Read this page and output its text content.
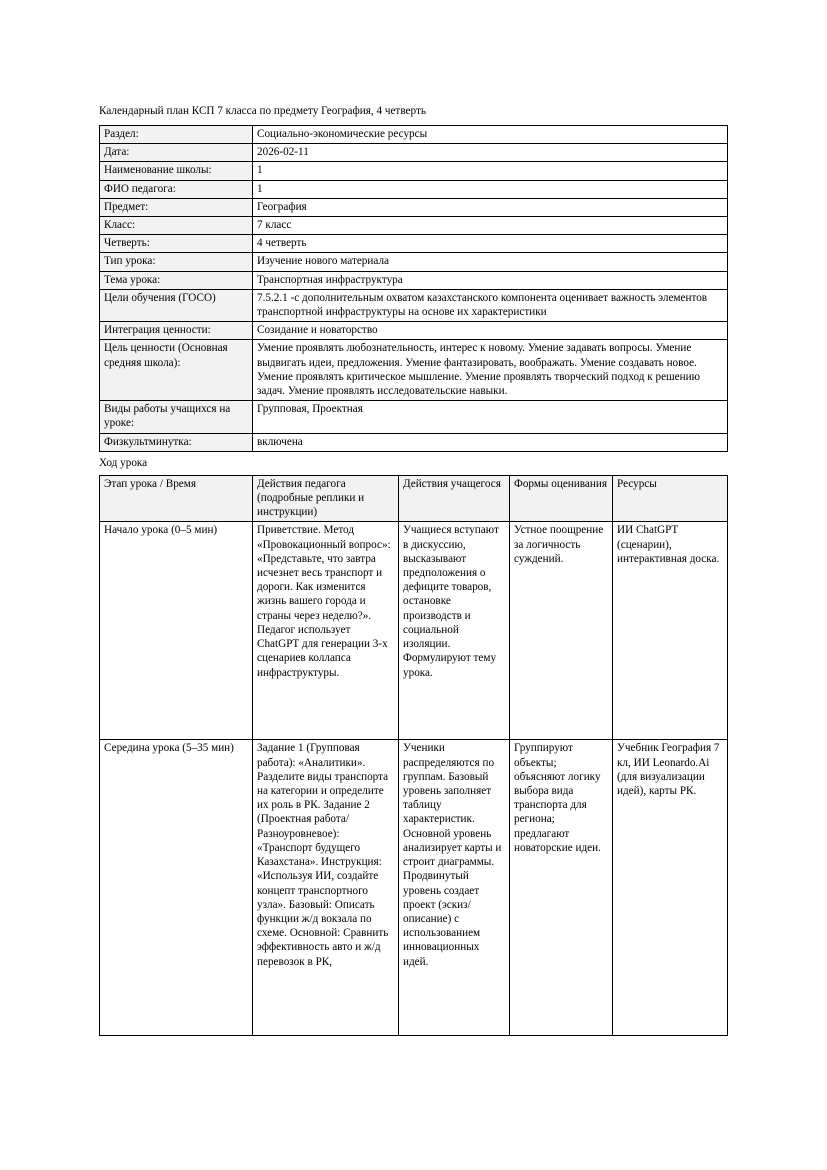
Календарный план КСП 7 класса по предмету География, 4 четверть

Раздел:	Социально-экономические ресурсы
Дата:	2026-02-11
Наименование школы:	1
ФИО педагога:	1
Предмет:	География
Класс:	7 класс
Четверть:	4 четверть
Тип урока:	Изучение нового материала
Тема урока:	Транспортная инфраструктура
Цели обучения (ГОСО)	7.5.2.1 -с дополнительным охватом казахстанского компонента оценивает важность элементов транспортной инфраструктуры на основе их характеристики
Интеграция ценности:	Созидание и новаторство
Цель ценности (Основная средняя школа):	Умение проявлять любознательность, интерес к новому. Умение задавать вопросы. Умение выдвигать идеи, предложения. Умение фантазировать, воображать. Умение создавать новое. Умение проявлять критическое мышление. Умение проявлять творческий подход к решению задач. Умение проявлять исследовательские навыки.
Виды работы учащихся на уроке:	Групповая, Проектная
Физкультминутка:	включена

Ход урока

Этап урока / Время	Действия педагога (подробные реплики и инструкции)	Действия учащегося	Формы оценивания	Ресурсы
Начало урока (0–5 мин)	Приветствие. Метод «Провокационный вопрос»: «Представьте, что завтра исчезнет весь транспорт и дороги. Как изменится жизнь вашего города и страны через неделю?». Педагог использует ChatGPT для генерации 3-х сценариев коллапса инфраструктуры.	Учащиеся вступают в дискуссию, высказывают предположения о дефиците товаров, остановке производств и социальной изоляции. Формулируют тему урока.	Устное поощрение за логичность суждений.	ИИ ChatGPT (сценарии), интерактивная доска.
Середина урока (5–35 мин)	Задание 1 (Групповая работа): «Аналитики». Разделите виды транспорта на категории и определите их роль в РК. Задание 2 (Проектная работа/Разноуровневое): «Транспорт будущего Казахстана». Инструкция: «Используя ИИ, создайте концепт транспортного узла». Базовый: Описать функции ж/д вокзала по схеме. Основной: Сравнить эффективность авто и ж/д перевозок в РК,	Ученики распределяются по группам. Базовый уровень заполняет таблицу характеристик. Основной уровень анализирует карты и строит диаграммы. Продвинутый уровень создает проект (эскиз/описание) с использованием инновационных идей.	Группируют объекты; объясняют логику выбора вида транспорта для региона; предлагают новаторские идеи.	Учебник География 7 кл, ИИ Leonardo.Ai (для визуализации идей), карты РК.
